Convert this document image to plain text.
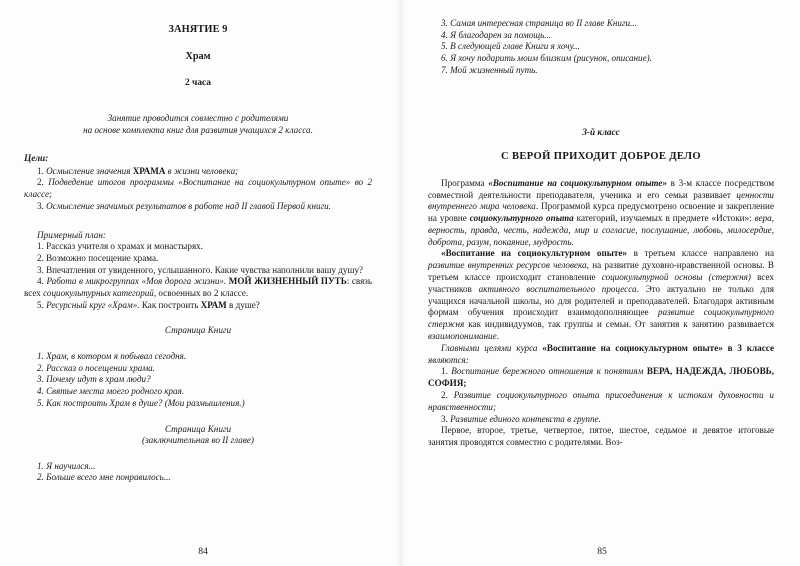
ЗАНЯТИЕ 9
Храм
2 часа

Занятие проводится совместно с родителями
на основе комплекта книг для развития учащихся 2 класса.

Цели:

1. Осмысление значения ХРАМА в жизни человека;

2. Подведение итогов программы «Воспитание на социокультурном опыте» во 2 классе;

3. Осмысление значимых результатов в работе над II главой Первой книги.

Примерный план:

1. Рассказ учителя о храмах и монастырях.

2. Возможно посещение храма.

3. Впечатления от увиденного, услышанного. Какие чувства наполнили вашу душу?

4. Работа в микрогруппах «Моя дорога жизни». МОЙ ЖИЗНЕННЫЙ ПУТЬ: связь всех социокультурных категорий, освоенных во 2 классе.

5. Ресурсный круг «Храм». Как построить ХРАМ в душе?

Страница Книги

1. Храм, в котором я побывал сегодня.

2. Рассказ о посещении храма.

3. Почему идут в храм люди?

4. Святые места моего родного края.

5. Как построить Храм в душе? (Мои размышления.)

Страница Книги
(заключительная во II главе)

1. Я научился...

2. Больше всего мне понравилось...

84

3. Самая интересная страница во II главе Книги...

4. Я благодарен за помощь...

5. В следующей главе Книги я хочу...

6. Я хочу подарить моим близким (рисунок, описание).

7. Мой жизненный путь.

3-й класс
С ВЕРОЙ ПРИХОДИТ ДОБРОЕ ДЕЛО

Программа «Воспитание на социокультурном опыте» в 3-м классе посредством совместной деятельности преподавателя, ученика и его семьи развивает ценности внутреннего мира человека. Программой курса предусмотрено освоение и закрепление на уровне социокультурного опыта категорий, изучаемых в предмете «Истоки»: вера, верность, правда, честь, надежда, мир и согласие, послушание, любовь, милосердие, доброта, разум, покаяние, мудрость.

«Воспитание на социокультурном опыте» в третьем классе направлено на развитие внутренних ресурсов человека, на развитие духовно-нравственной основы. В третьем классе происходит становление социокультурной основы (стержня) всех участников активного воспитательного процесса. Это актуально не только для учащихся начальной школы, но для родителей и преподавателей. Благодаря активным формам обучения происходит взаимодополняющее развитие социокультурного стержня как индивидуумов, так группы и семьи. От занятия к занятию развивается взаимопонимание.

Главными целями курса «Воспитание на социокультурном опыте» в 3 классе являются:

1. Воспитание бережного отношения к понятиям ВЕРА, НАДЕЖДА, ЛЮБОВЬ, СОФИЯ;

2. Развитие социокультурного опыта присоединения к истокам духовности и нравственности;

3. Развитие единого контекста в группе.

Первое, второе, третье, четвертое, пятое, шестое, седьмое и девятое итоговые занятия проводятся совместно с родителями. Воз-

85
